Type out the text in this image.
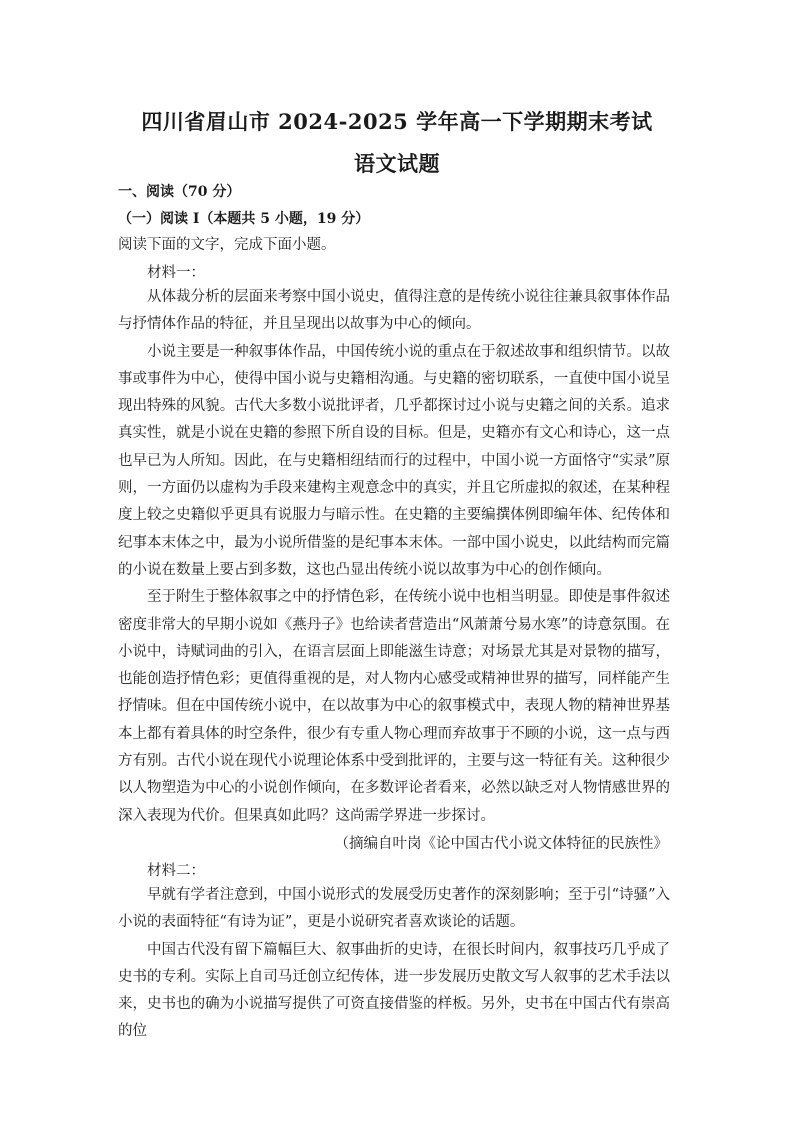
四川省眉山市 2024-2025 学年高一下学期期末考试
语文试题
一、阅读（70 分）
（一）阅读 I（本题共 5 小题，19 分）
阅读下面的文字，完成下面小题。
材料一：

从体裁分析的层面来考察中国小说史，值得注意的是传统小说往往兼具叙事体作品与抒情体作品的特征，并且呈现出以故事为中心的倾向。

小说主要是一种叙事体作品，中国传统小说的重点在于叙述故事和组织情节。以故事或事件为中心，使得中国小说与史籍相沟通。与史籍的密切联系，一直使中国小说呈现出特殊的风貌。古代大多数小说批评者，几乎都探讨过小说与史籍之间的关系。追求真实性，就是小说在史籍的参照下所自设的目标。但是，史籍亦有文心和诗心，这一点也早已为人所知。因此，在与史籍相纽结而行的过程中，中国小说一方面恪守“实录”原则，一方面仍以虚构为手段来建构主观意念中的真实，并且它所虚拟的叙述，在某种程度上较之史籍似乎更具有说服力与暗示性。在史籍的主要编撰体例即编年体、纪传体和纪事本末体之中，最为小说所借鉴的是纪事本末体。一部中国小说史，以此结构而完篇的小说在数量上要占到多数，这也凸显出传统小说以故事为中心的创作倾向。

至于附生于整体叙事之中的抒情色彩，在传统小说中也相当明显。即使是事件叙述密度非常大的早期小说如《燕丹子》也给读者营造出“风萧萧兮易水寒”的诗意氛围。在小说中，诗赋词曲的引入，在语言层面上即能滋生诗意；对场景尤其是对景物的描写，也能创造抒情色彩；更值得重视的是，对人物内心感受或精神世界的描写，同样能产生抒情味。但在中国传统小说中，在以故事为中心的叙事模式中，表现人物的精神世界基本上都有着具体的时空条件，很少有专重人物心理而弃故事于不顾的小说，这一点与西方有别。古代小说在现代小说理论体系中受到批评的，主要与这一特征有关。这种很少以人物塑造为中心的小说创作倾向，在多数评论者看来，必然以缺乏对人物情感世界的深入表现为代价。但果真如此吗？这尚需学界进一步探讨。

（摘编自叶岗《论中国古代小说文体特征的民族性》
材料二：

早就有学者注意到，中国小说形式的发展受历史著作的深刻影响；至于引“诗骚”入小说的表面特征“有诗为证”，更是小说研究者喜欢谈论的话题。

中国古代没有留下篇幅巨大、叙事曲折的史诗，在很长时间内，叙事技巧几乎成了史书的专利。实际上自司马迁创立纪传体，进一步发展历史散文写人叙事的艺术手法以来，史书也的确为小说描写提供了可资直接借鉴的样板。另外，史书在中国古代有崇高的位
